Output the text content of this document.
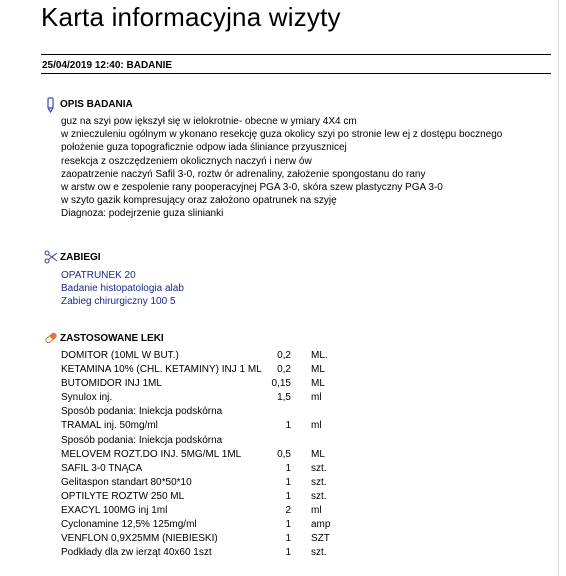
Karta informacyjna wizyty
25/04/2019 12:40: BADANIE
OPIS BADANIA
guz na szyi pow iększył się w ielokrotnie- obecne w ymiary 4X4 cm
w znieczuleniu ogólnym w ykonano resekcję guza okolicy szyi po stronie lew ej z dostępu bocznego
położenie guza topograficznie odpow iada śliniance przyusznicej
resekcja z oszczędzeniem okolicznych naczyń i nerw ów
zaopatrzenie naczyń Safil 3-0, roztw ór adrenaliny, założenie spongostanu do rany
w arstw ow e zespolenie rany pooperacyjnej PGA 3-0, skóra szew plastyczny PGA 3-0
w szyto gazik kompresujący oraz założono opatrunek na szyję
Diagnoza: podejrzenie guza slinianki
ZABIEGI
OPATRUNEK 20
Badanie histopatologia alab
Zabieg chirurgiczny 100 5
ZASTOSOWANE LEKI
DOMITOR (10ML W BUT.)	0,2	ML.
KETAMINA 10% (CHL. KETAMINY) INJ 1 ML	0,2	ML
BUTOMIDOR INJ 1ML	0,15	ML
Synulox inj.	1,5	ml
Sposób podania: Iniekcja podskórna		
TRAMAL inj. 50mg/ml	1	ml
Sposób podania: Iniekcja podskórna		
MELOVEM ROZT.DO INJ. 5MG/ML 1ML	0,5	ML
SAFIL 3-0 TNĄCA	1	szt.
Gelitaspon standart 80*50*10	1	szt.
OPTILYTE ROZTW 250 ML	1	szt.
EXACYL 100MG inj 1ml	2	ml
Cyclonamine 12,5% 125mg/ml	1	amp
VENFLON 0,9X25MM (NIEBIESKI)	1	SZT
Podkłady dla zw ierząt 40x60 1szt	1	szt.
